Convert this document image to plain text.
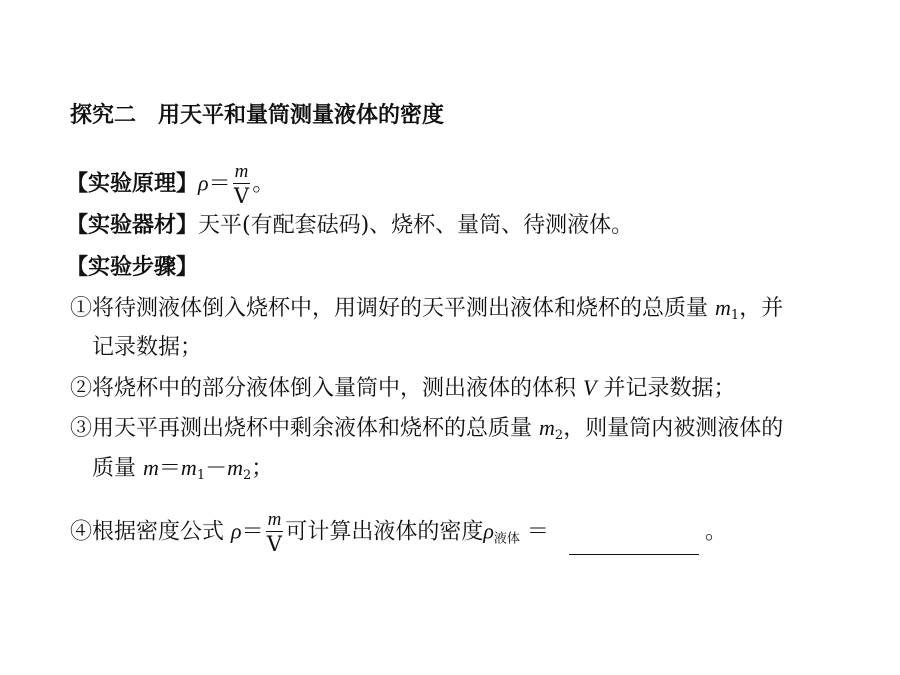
探究二　用天平和量筒测量液体的密度
【实验原理】$\rho= \frac{m}{V}$ 。
【实验器材】天平(有配套砝码)、烧杯、量筒、待测液体。
【实验步骤】
①将待测液体倒入烧杯中，用调好的天平测出液体和烧杯的总质量 $m_1$，并
记录数据；
②将烧杯中的部分液体倒入量筒中，测出液体的体积 V 并记录数据；
③用天平再测出烧杯中剩余液体和烧杯的总质量 $m_2$，则量筒内被测液体的
质量 $m=m_1-m_2$；
④根据密度公式 $\rho= \frac{m}{V}$ 可计算出液体的密度$\rho_{液体}$ ＝	。
